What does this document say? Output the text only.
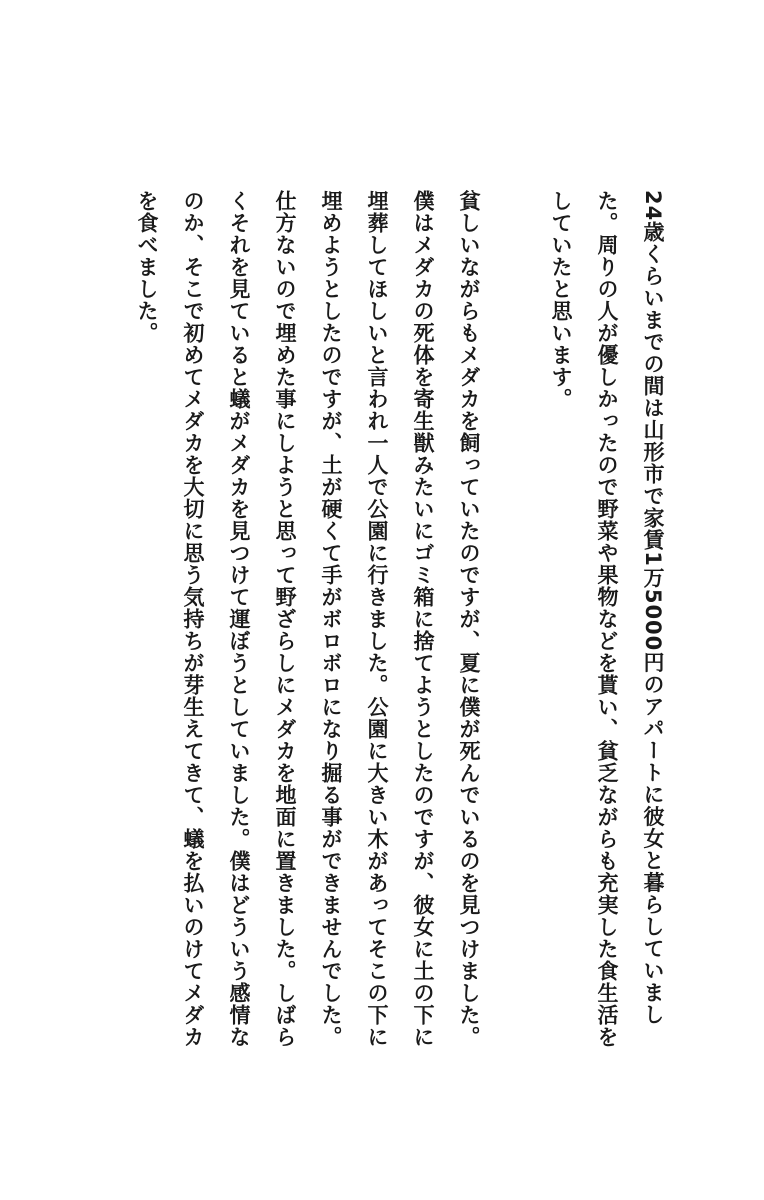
24歳くらいまでの間は山形市で家賃1万5000円のアパートに彼女と暮らしていました。周りの人が優しかったので野菜や果物などを貰い、貧乏ながらも充実した食生活をしていたと思います。

貧しいながらもメダカを飼っていたのですが、夏に僕が死んでいるのを見つけました。僕はメダカの死体を寄生獣みたいにゴミ箱に捨てようとしたのですが、彼女に土の下に埋葬してほしいと言われ一人で公園に行きました。公園に大きい木があってそこの下に埋めようとしたのですが、土が硬くて手がボロボロになり掘る事ができませんでした。仕方ないので埋めた事にしようと思って野ざらしにメダカを地面に置きました。しばらくそれを見ていると蟻がメダカを見つけて運ぼうとしていました。僕はどういう感情なのか、そこで初めてメダカを大切に思う気持ちが芽生えてきて、蟻を払いのけてメダカを食べました。
